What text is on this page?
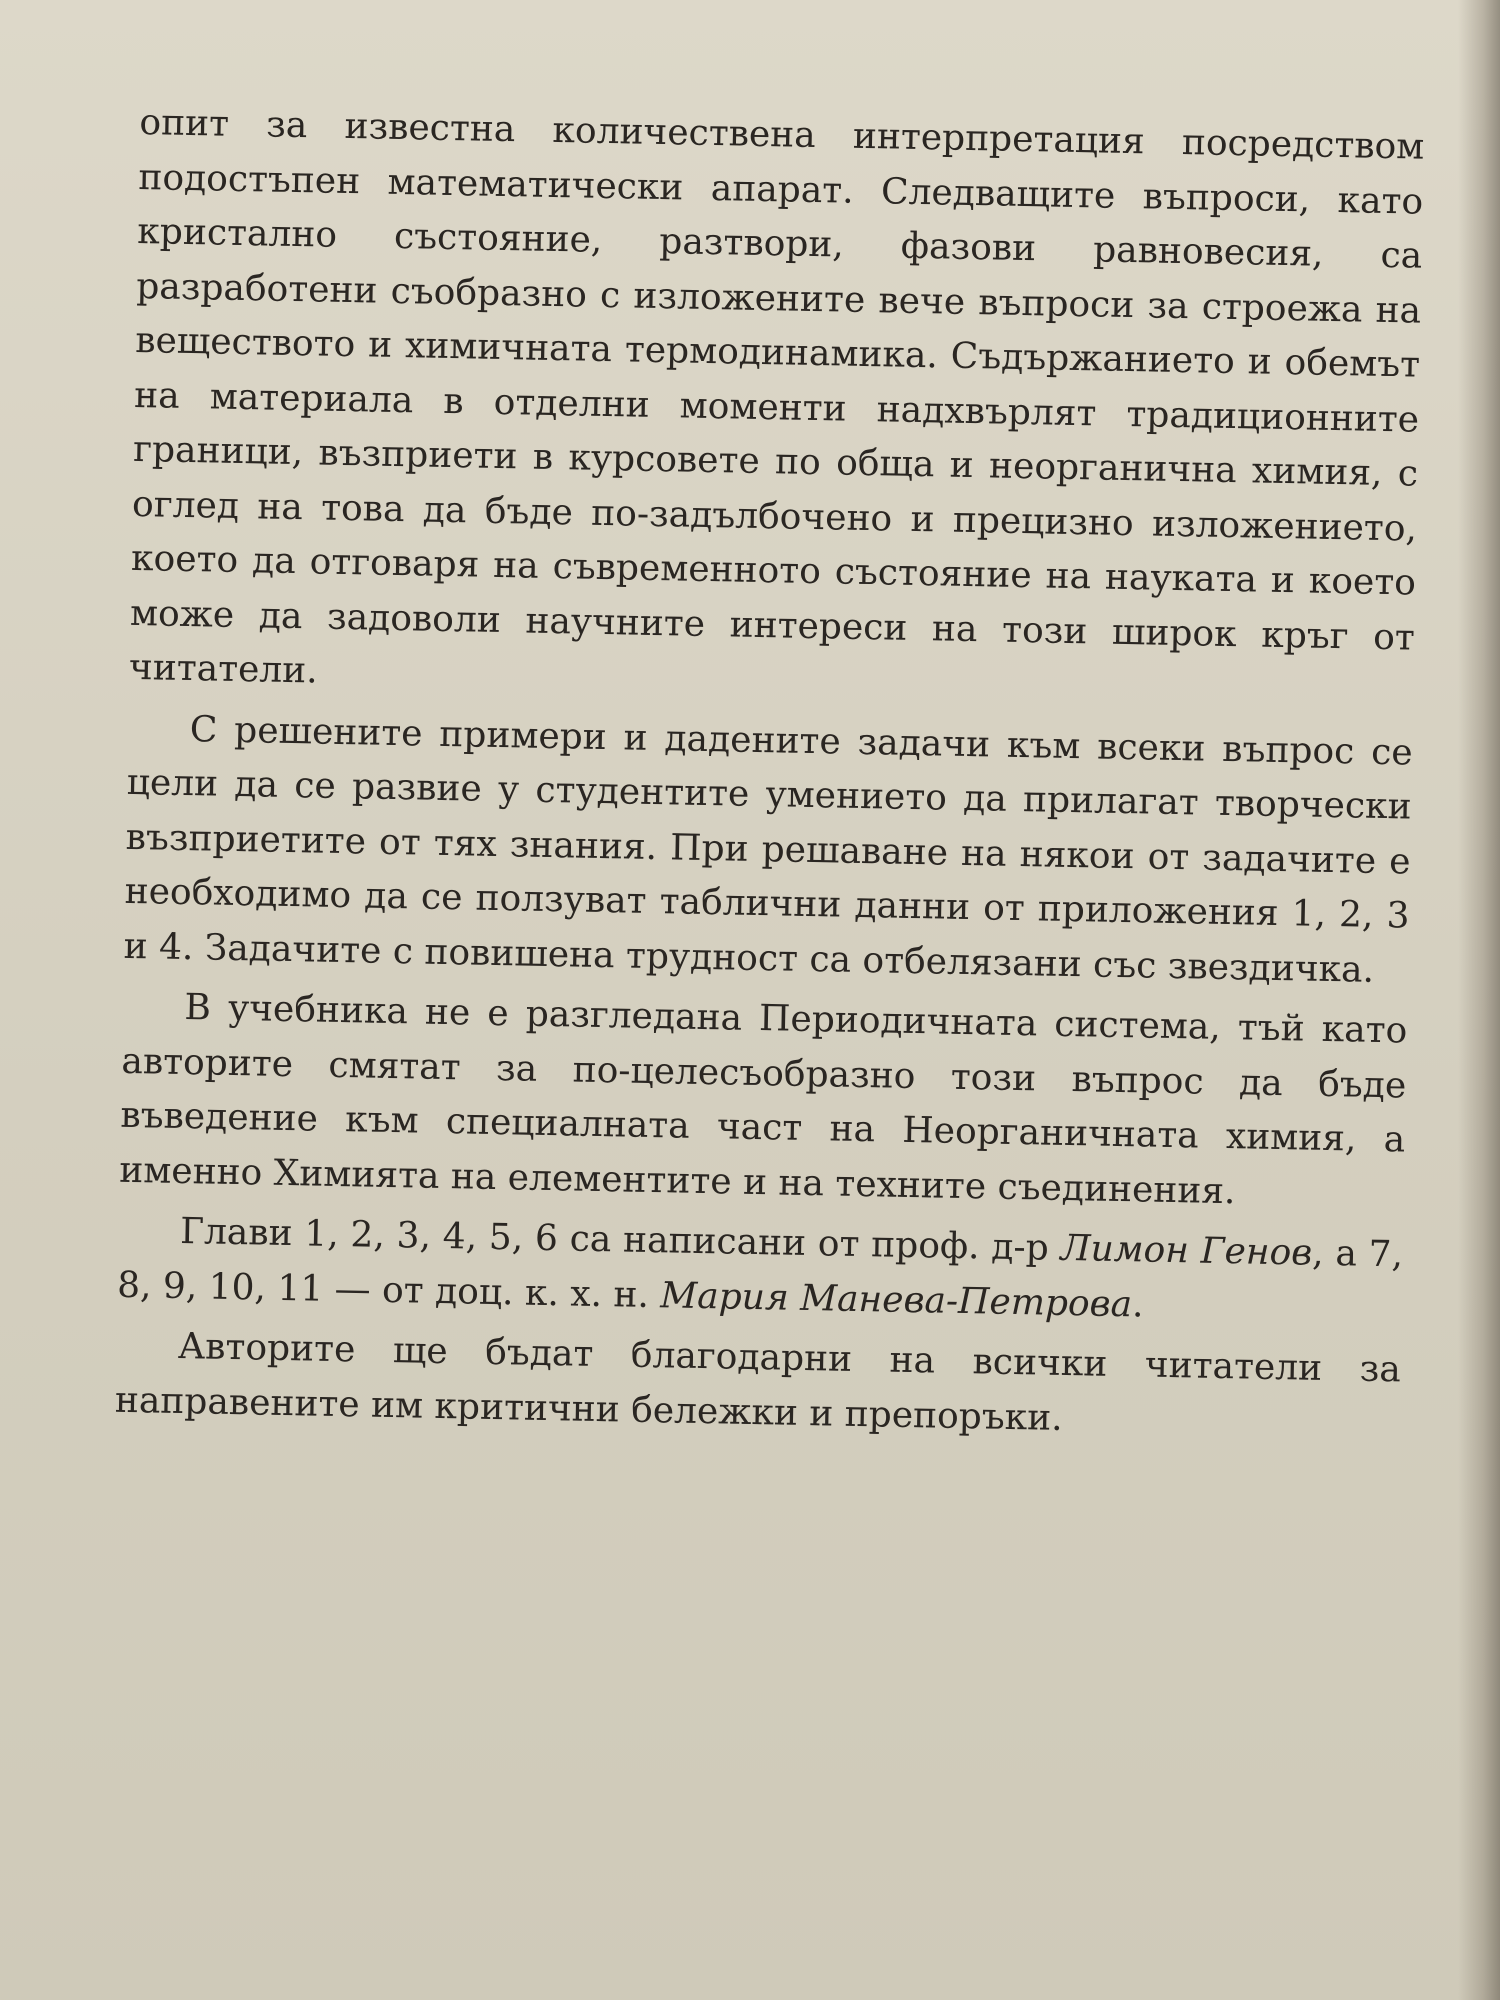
опит за известна количествена интерпретация посредством подостъпен математически апарат. Следващите въпроси, като кристално състояние, разтвори, фазови равновесия, са разработени съобразно с изложените вече въпроси за строежа на веществото и химичната термодинамика. Съдържанието и обемът на материала в отделни моменти надхвърлят традиционните граници, възприети в курсовете по обща и неорганична химия, с оглед на това да бъде по-задълбочено и прецизно изложението, което да отговаря на съвременното състояние на науката и което може да задоволи научните интереси на този широк кръг от читатели.

С решените примери и дадените задачи към всеки въпрос се цели да се развие у студентите умението да прилагат творчески възприетите от тях знания. При решаване на някои от задачите е необходимо да се ползуват таблични данни от приложения 1, 2, 3 и 4. Задачите с повишена трудност са отбелязани със звездичка.

В учебника не е разгледана Периодичната система, тъй като авторите смятат за по-целесъобразно този въпрос да бъде въведение към специалната част на Неорганичната химия, а именно Химията на елементите и на техните съединения.

Глави 1, 2, 3, 4, 5, 6 са написани от проф. д-р Лимон Генов, а 7, 8, 9, 10, 11 — от доц. к. х. н. Мария Манева-Петрова.

Авторите ще бъдат благодарни на всички читатели за направените им критични бележки и препоръки.
